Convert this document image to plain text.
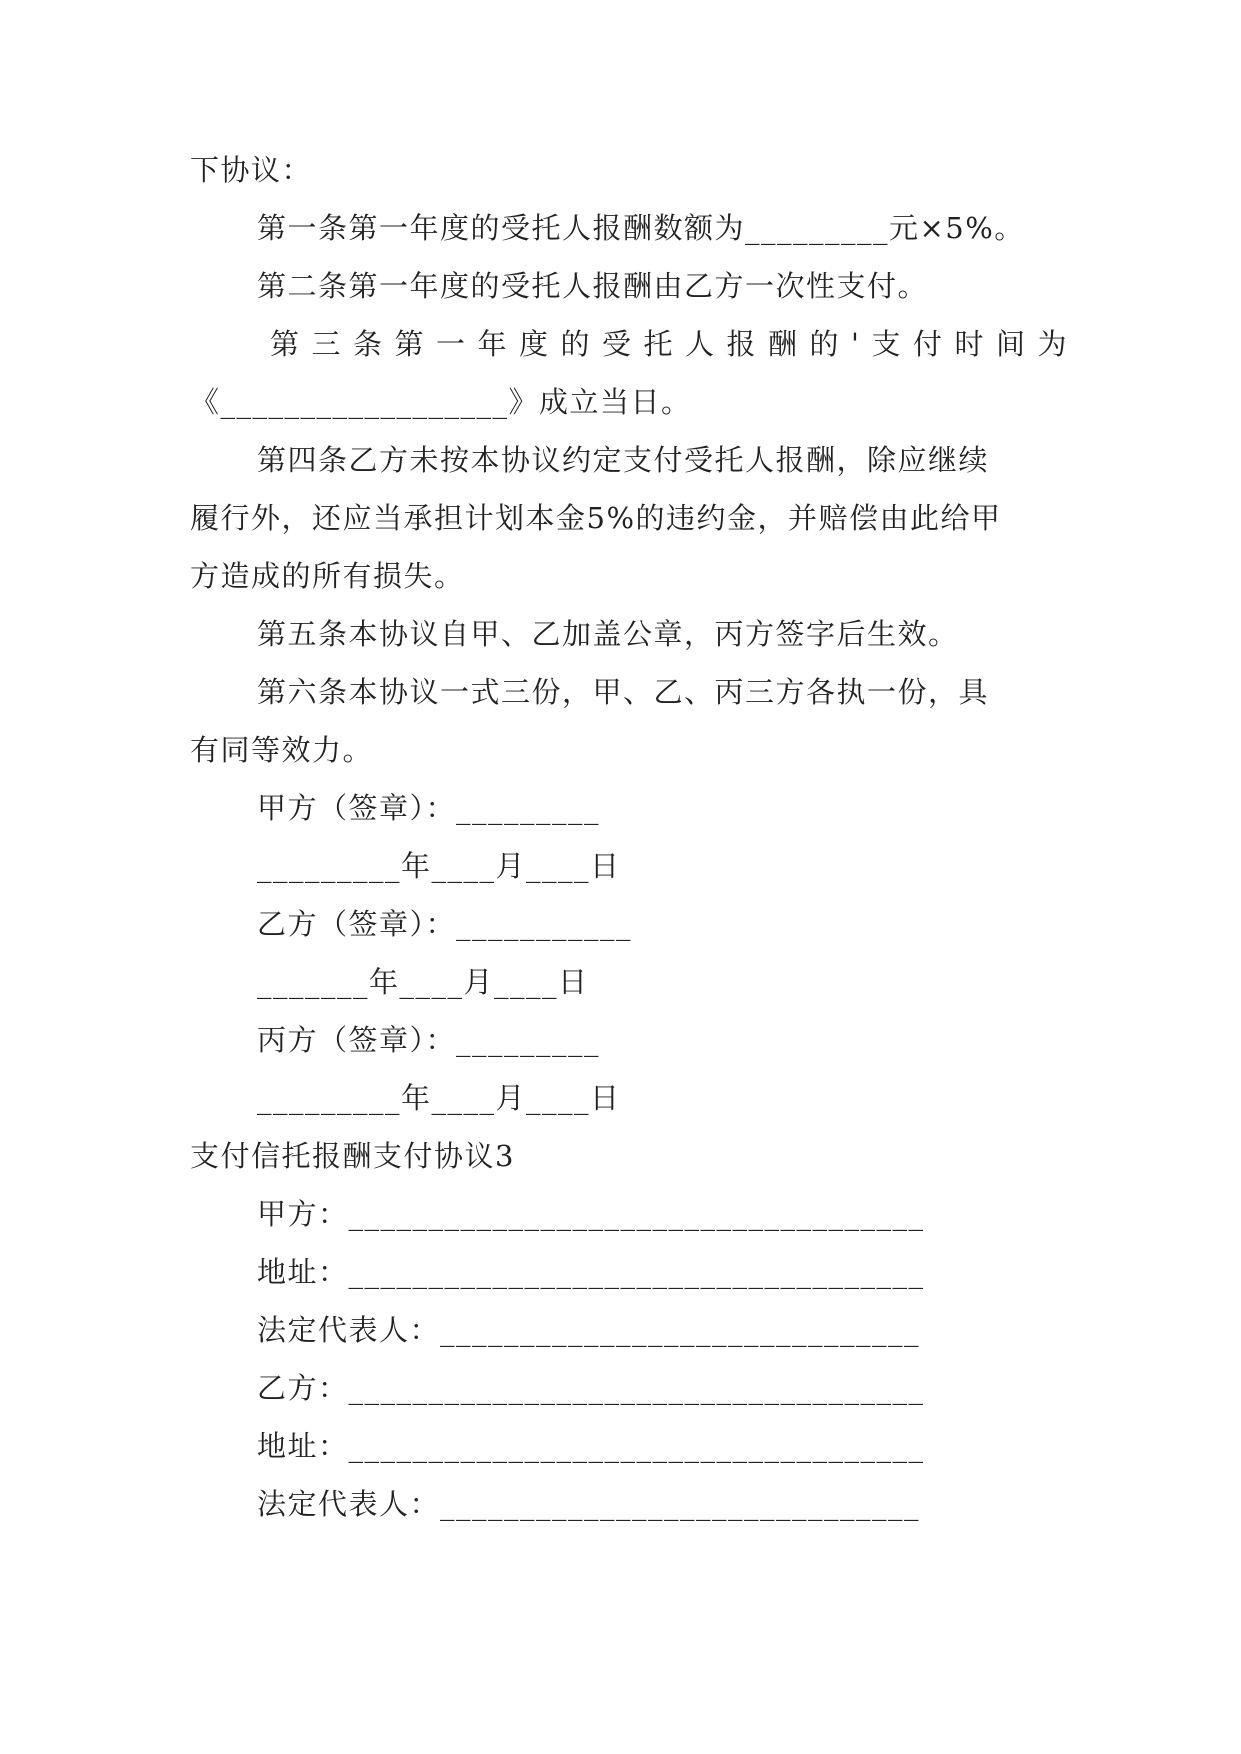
下协议：
第一条第一年度的受托人报酬数额为_________元×5%。
第二条第一年度的受托人报酬由乙方一次性支付。
第三条第一年度的受托人报酬的'支付时间为
《__________________》成立当日。
第四条乙方未按本协议约定支付受托人报酬，除应继续
履行外，还应当承担计划本金5%的违约金，并赔偿由此给甲
方造成的所有损失。
第五条本协议自甲、乙加盖公章，丙方签字后生效。
第六条本协议一式三份，甲、乙、丙三方各执一份，具
有同等效力。
甲方（签章）：_________
_________年____月____日
乙方（签章）：___________
_______年____月____日
丙方（签章）：_________
_________年____月____日
支付信托报酬支付协议3
甲方：____________________________________
地址：____________________________________
法定代表人：______________________________
乙方：____________________________________
地址：____________________________________
法定代表人：______________________________
